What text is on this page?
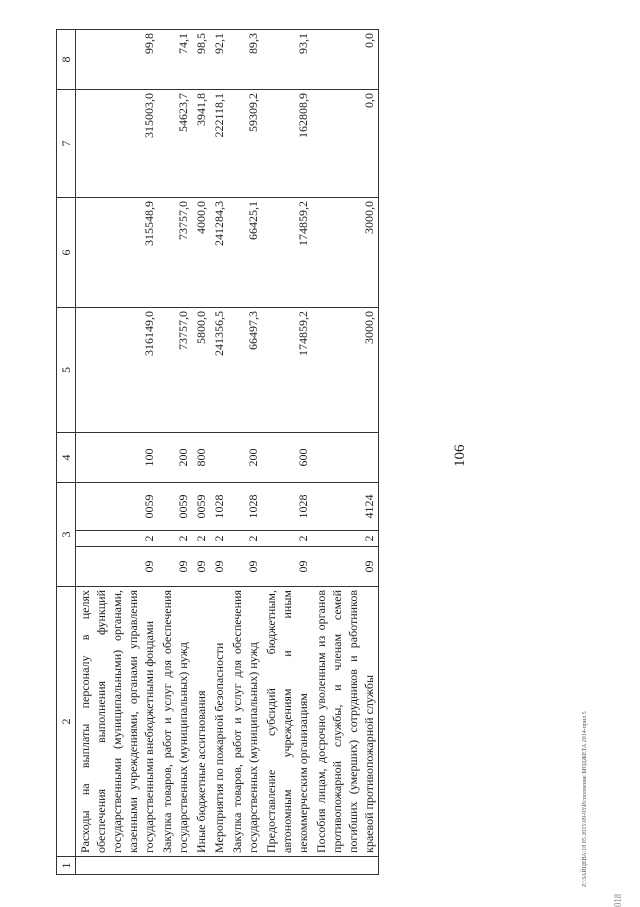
106
1	2	3			4	5	6	7	8
	Расходы на выплаты персоналу в целях обеспечения выполнения функций государственными (муниципальными) органами, казенными учреждениями, органами управления государственными внебюджетными фондами	09	2	0059	100	316149,0	315548,9	315003,0	99,8
	Закупка товаров, работ и услуг для обеспечения государственных (муниципальных) нужд	09	2	0059	200	73757,0	73757,0	54623,7	74,1
	Иные бюджетные ассигнования	09	2	0059	800	5800,0	4000,0	3941,8	98,5
	Мероприятия по пожарной безопасности	09	2	1028		241356,5	241284,3	222118,1	92,1
	Закупка товаров, работ и услуг для обеспечения государственных (муниципальных) нужд	09	2	1028	200	66497,3	66425,1	59309,2	89,3
	Предоставление субсидий бюджетным, автономным учреждениям и иным некоммерческим организациям	09	2	1028	600	174859,2	174859,2	162808,9	93,1
	Пособия лицам, досрочно уволенным из органов противопожарной службы, и членам семей погибших (умерших) сотрудников и работников краевой противопожарной службы	09	2	4124		3000,0	3000,0	0,0	0,0
Z:\ЗАЙЦЕВА\18 05 2015\09-03\Исполнение БЮДЖЕТА 2014-прил 5
018
